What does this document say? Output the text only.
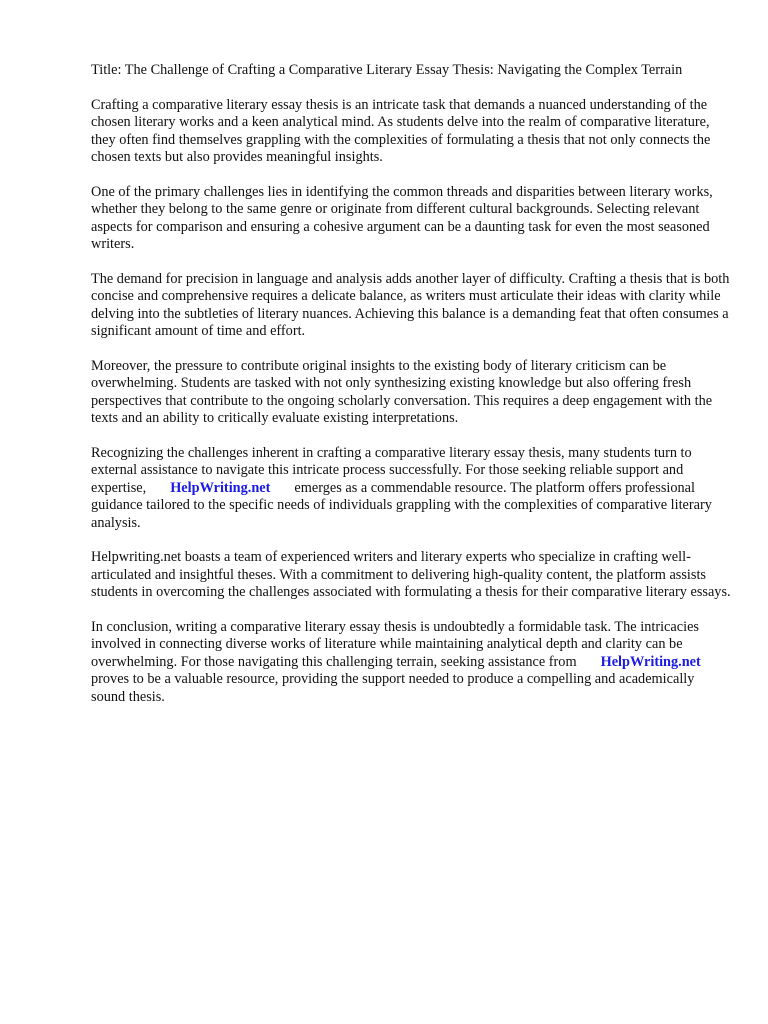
Title: The Challenge of Crafting a Comparative Literary Essay Thesis: Navigating the Complex Terrain

Crafting a comparative literary essay thesis is an intricate task that demands a nuanced understanding of the chosen literary works and a keen analytical mind. As students delve into the realm of comparative literature, they often find themselves grappling with the complexities of formulating a thesis that not only connects the chosen texts but also provides meaningful insights.

One of the primary challenges lies in identifying the common threads and disparities between literary works, whether they belong to the same genre or originate from different cultural backgrounds. Selecting relevant aspects for comparison and ensuring a cohesive argument can be a daunting task for even the most seasoned writers.

The demand for precision in language and analysis adds another layer of difficulty. Crafting a thesis that is both concise and comprehensive requires a delicate balance, as writers must articulate their ideas with clarity while delving into the subtleties of literary nuances. Achieving this balance is a demanding feat that often consumes a significant amount of time and effort.

Moreover, the pressure to contribute original insights to the existing body of literary criticism can be overwhelming. Students are tasked with not only synthesizing existing knowledge but also offering fresh perspectives that contribute to the ongoing scholarly conversation. This requires a deep engagement with the texts and an ability to critically evaluate existing interpretations.

Recognizing the challenges inherent in crafting a comparative literary essay thesis, many students turn to external assistance to navigate this intricate process successfully. For those seeking reliable support and expertise, HelpWriting.net emerges as a commendable resource. The platform offers professional guidance tailored to the specific needs of individuals grappling with the complexities of comparative literary analysis.

Helpwriting.net boasts a team of experienced writers and literary experts who specialize in crafting well-articulated and insightful theses. With a commitment to delivering high-quality content, the platform assists students in overcoming the challenges associated with formulating a thesis for their comparative literary essays.

In conclusion, writing a comparative literary essay thesis is undoubtedly a formidable task. The intricacies involved in connecting diverse works of literature while maintaining analytical depth and clarity can be overwhelming. For those navigating this challenging terrain, seeking assistance from HelpWriting.netproves to be a valuable resource, providing the support needed to produce a compelling and academically sound thesis.
